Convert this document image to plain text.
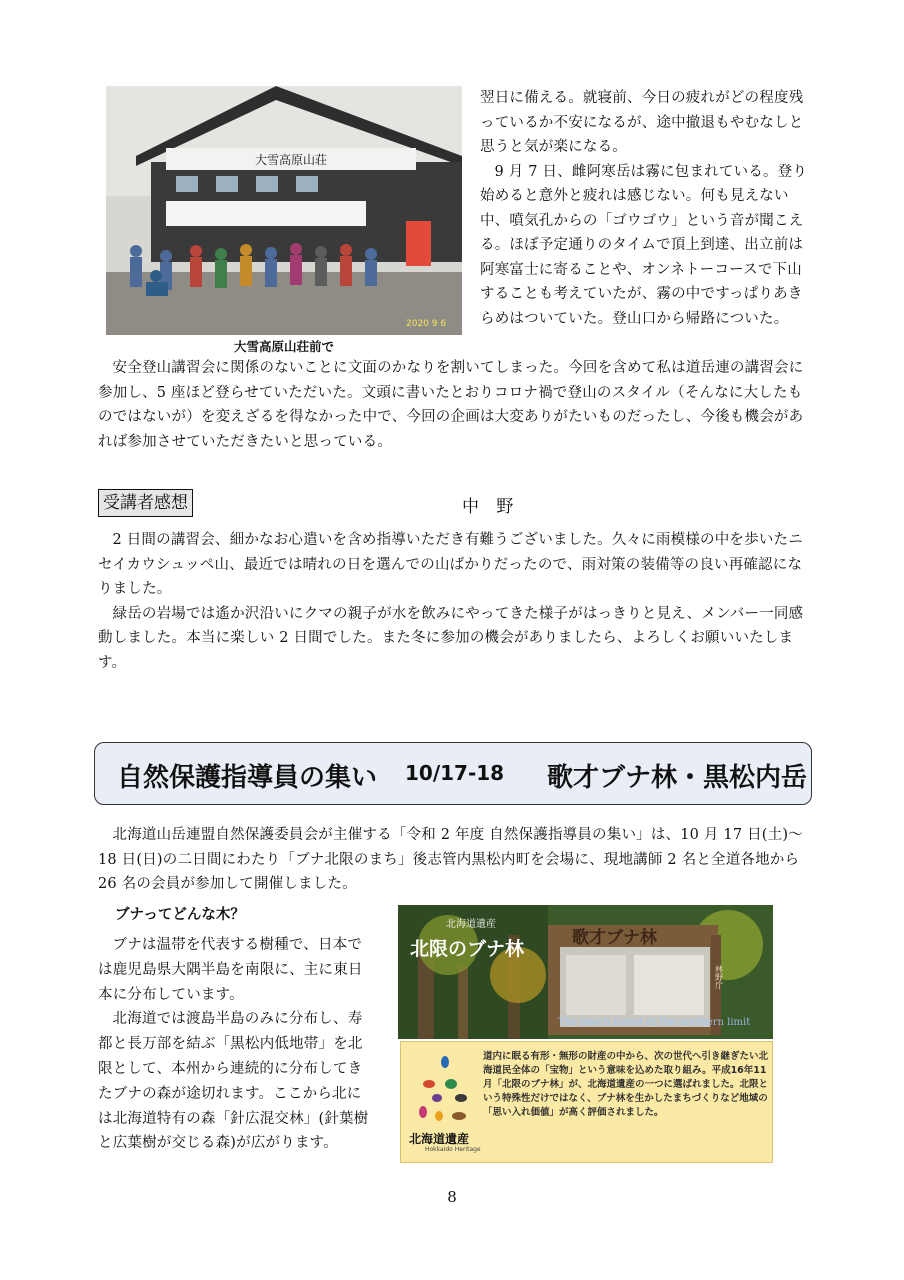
大雪高原山荘
2020 9 6
大雪高原山荘前で

翌日に備える。就寝前、今日の疲れがどの程度残っているか不安になるが、途中撤退もやむなしと思うと気が楽になる。

9 月 7 日、雌阿寒岳は霧に包まれている。登り始めると意外と疲れは感じない。何も見えない中、噴気孔からの「ゴウゴウ」という音が聞こえる。ほぼ予定通りのタイムで頂上到達、出立前は阿寒富士に寄ることや、オンネトーコースで下山することも考えていたが、霧の中ですっぱりあきらめはついていた。登山口から帰路についた。

安全登山講習会に関係のないことに文面のかなりを割いてしまった。今回を含めて私は道岳連の講習会に参加し、5 座ほど登らせていただいた。文頭に書いたとおりコロナ禍で登山のスタイル（そんなに大したものではないが）を変えざるを得なかった中で、今回の企画は大変ありがたいものだったし、今後も機会があれば参加させていただきたいと思っている。

受講者感想	中 野

2 日間の講習会、細かなお心遣いを含め指導いただき有難うございました。久々に雨模様の中を歩いたニセイカウシュッペ山、最近では晴れの日を選んでの山ばかりだったので、雨対策の装備等の良い再確認になりました。

緑岳の岩場では遙か沢沿いにクマの親子が水を飲みにやってきた様子がはっきりと見え、メンバー一同感動しました。本当に楽しい 2 日間でした。また冬に参加の機会がありましたら、よろしくお願いいたします。

自然保護指導員の集い 10/17-18 歌才ブナ林・黒松内岳

北海道山岳連盟自然保護委員会が主催する「令和 2 年度 自然保護指導員の集い」は、10 月 17 日(土)～18 日(日)の二日間にわたり「ブナ北限のまち」後志管内黒松内町を会場に、現地講師 2 名と全道各地から 26 名の会員が参加して開催しました。

ブナってどんな木？

ブナは温帯を代表する樹種で、日本では鹿児島県大隅半島を南限に、主に東日本に分布しています。

北海道では渡島半島のみに分布し、寿都と長万部を結ぶ「黒松内低地帯」を北限として、本州から連続的に分布してきたブナの森が途切れます。ここから北には北海道特有の森「針広混交林」(針葉樹と広葉樹が交じる森)が広がります。

北海道遺産
北限のブナ林	歌才ブナ林
林野庁
The beech forest at the northern limit
北海道遺産
Hokkaido Heritage
道内に眠る有形・無形の財産の中から、次の世代へ引き継ぎたい北海道民全体の「宝物」という意味を込めた取り組み。平成16年11月「北限のブナ林」が、北海道遺産の一つに選ばれました。北限という特殊性だけではなく、ブナ林を生かしたまちづくりなど地域の「思い入れ価値」が高く評価されました。
8
